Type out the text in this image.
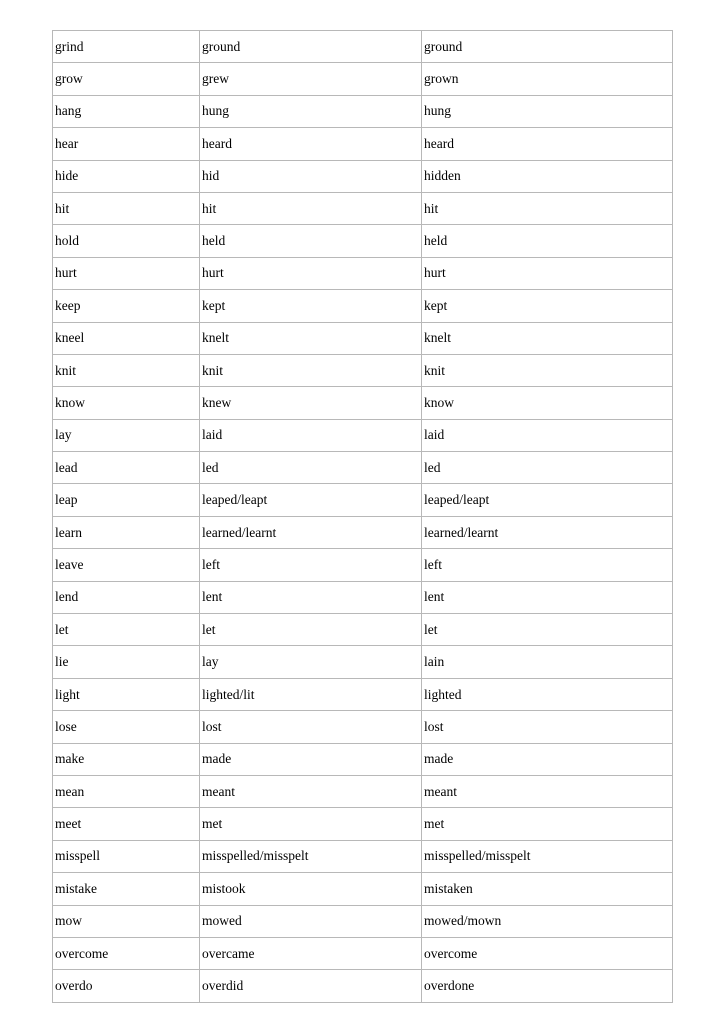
grind	ground	ground
grow	grew	grown
hang	hung	hung
hear	heard	heard
hide	hid	hidden
hit	hit	hit
hold	held	held
hurt	hurt	hurt
keep	kept	kept
kneel	knelt	knelt
knit	knit	knit
know	knew	know
lay	laid	laid
lead	led	led
leap	leaped/leapt	leaped/leapt
learn	learned/learnt	learned/learnt
leave	left	left
lend	lent	lent
let	let	let
lie	lay	lain
light	lighted/lit	lighted
lose	lost	lost
make	made	made
mean	meant	meant
meet	met	met
misspell	misspelled/misspelt	misspelled/misspelt
mistake	mistook	mistaken
mow	mowed	mowed/mown
overcome	overcame	overcome
overdo	overdid	overdone
